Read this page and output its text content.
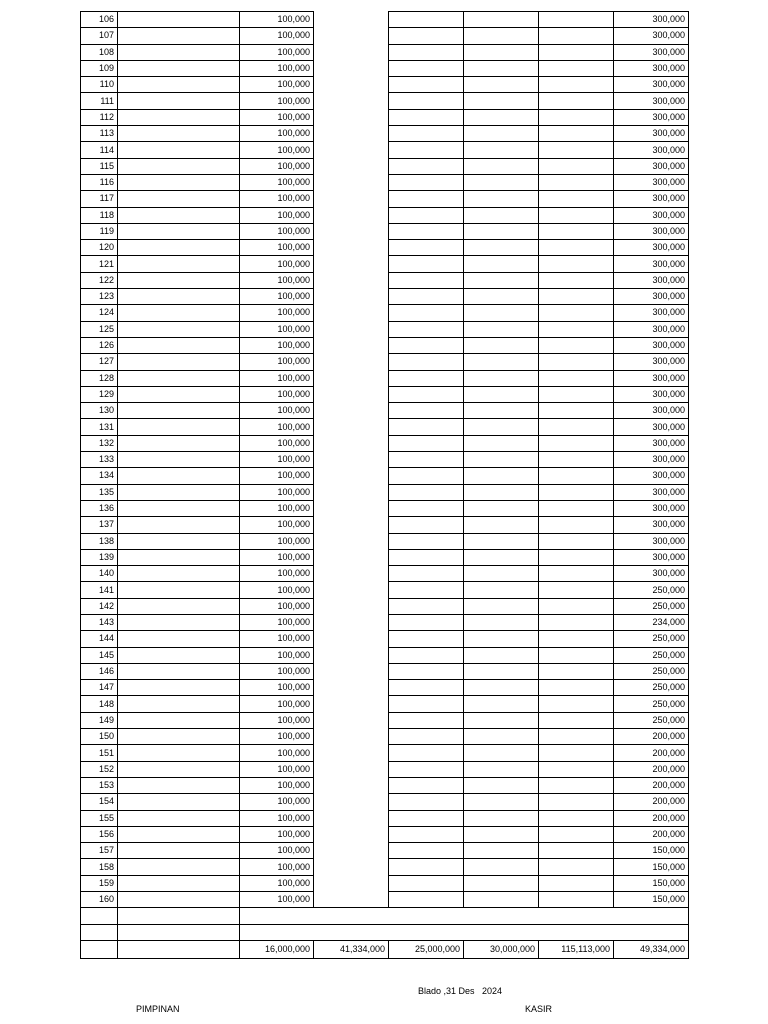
106		100,000					300,000
107		100,000					300,000
108		100,000					300,000
109		100,000					300,000
110		100,000					300,000
111		100,000					300,000
112		100,000					300,000
113		100,000					300,000
114		100,000					300,000
115		100,000					300,000
116		100,000					300,000
117		100,000					300,000
118		100,000					300,000
119		100,000					300,000
120		100,000					300,000
121		100,000					300,000
122		100,000					300,000
123		100,000					300,000
124		100,000					300,000
125		100,000					300,000
126		100,000					300,000
127		100,000					300,000
128		100,000					300,000
129		100,000					300,000
130		100,000					300,000
131		100,000					300,000
132		100,000					300,000
133		100,000					300,000
134		100,000					300,000
135		100,000					300,000
136		100,000					300,000
137		100,000					300,000
138		100,000					300,000
139		100,000					300,000
140		100,000					300,000
141		100,000					250,000
142		100,000					250,000
143		100,000					234,000
144		100,000					250,000
145		100,000					250,000
146		100,000					250,000
147		100,000					250,000
148		100,000					250,000
149		100,000					250,000
150		100,000					200,000
151		100,000					200,000
152		100,000					200,000
153		100,000					200,000
154		100,000					200,000
155		100,000					200,000
156		100,000					200,000
157		100,000					150,000
158		100,000					150,000
159		100,000					150,000
160		100,000					150,000

		16,000,000	41,334,000	25,000,000	30,000,000	115,113,000	49,334,000
Blado ,31 Des   2024
PIMPINAN	KASIR
